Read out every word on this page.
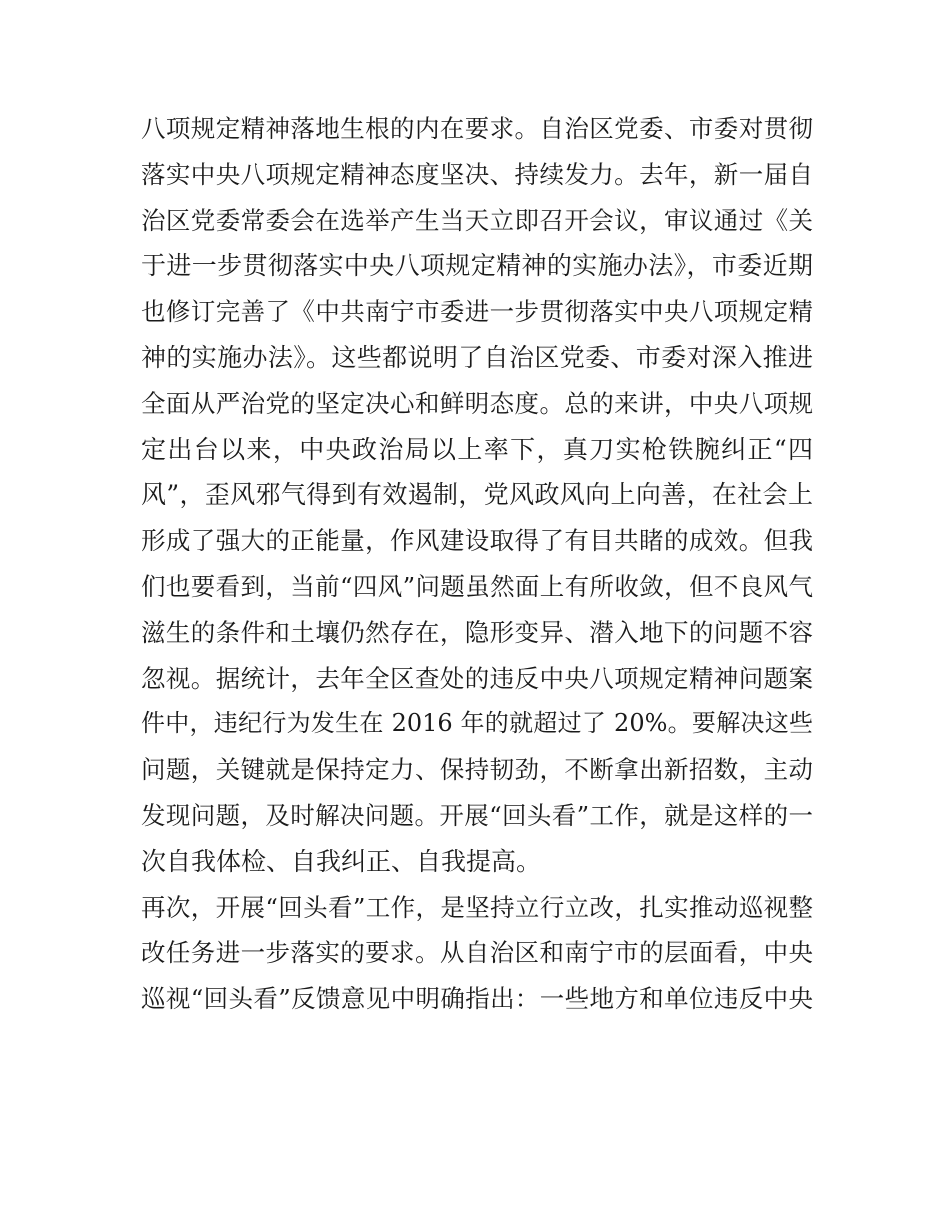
八项规定精神落地生根的内在要求。自治区党委、市委对贯彻
落实中央八项规定精神态度坚决、持续发力。去年，新一届自
治区党委常委会在选举产生当天立即召开会议，审议通过《关
于进一步贯彻落实中央八项规定精神的实施办法》，市委近期
也修订完善了《中共南宁市委进一步贯彻落实中央八项规定精
神的实施办法》。这些都说明了自治区党委、市委对深入推进
全面从严治党的坚定决心和鲜明态度。总的来讲，中央八项规
定出台以来，中央政治局以上率下，真刀实枪铁腕纠正“四
风”，歪风邪气得到有效遏制，党风政风向上向善，在社会上
形成了强大的正能量，作风建设取得了有目共睹的成效。但我
们也要看到，当前“四风”问题虽然面上有所收敛，但不良风气
滋生的条件和土壤仍然存在，隐形变异、潜入地下的问题不容
忽视。据统计，去年全区查处的违反中央八项规定精神问题案
件中，违纪行为发生在 2016 年的就超过了 20%。要解决这些
问题，关键就是保持定力、保持韧劲，不断拿出新招数，主动
发现问题，及时解决问题。开展“回头看”工作，就是这样的一
次自我体检、自我纠正、自我提高。
再次，开展“回头看”工作，是坚持立行立改，扎实推动巡视整
改任务进一步落实的要求。从自治区和南宁市的层面看，中央
巡视“回头看”反馈意见中明确指出：一些地方和单位违反中央
